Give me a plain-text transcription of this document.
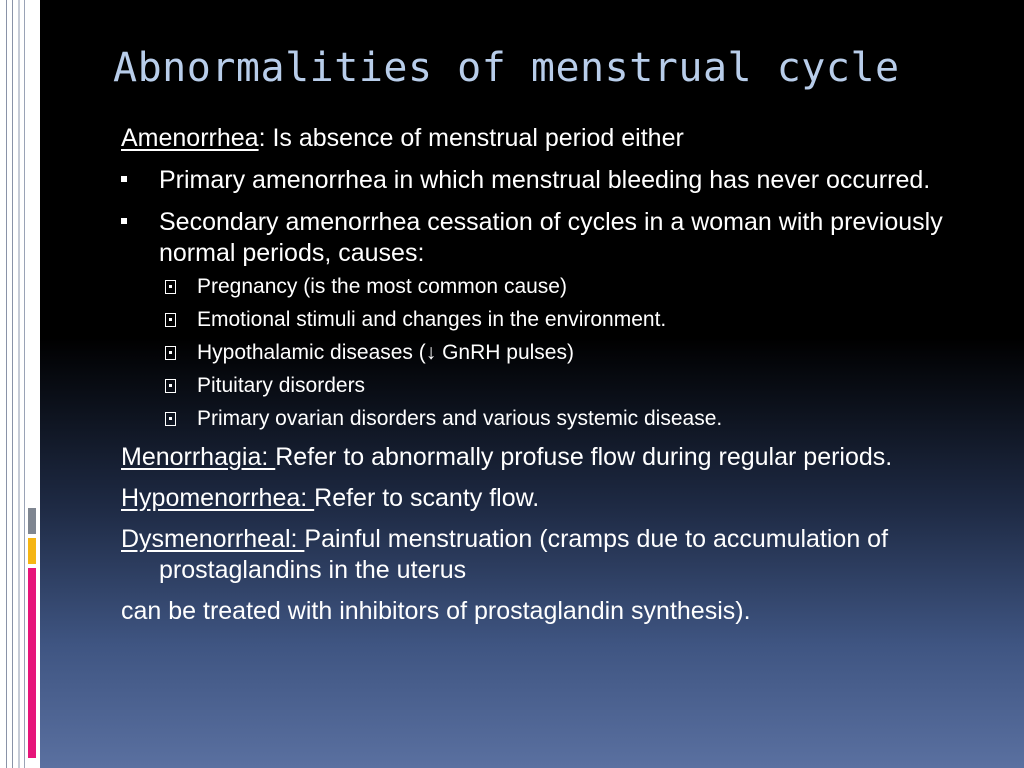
Abnormalities of menstrual cycle
Amenorrhea: Is absence of menstrual period either
Primary amenorrhea in which menstrual bleeding has never occurred.
Secondary amenorrhea cessation of cycles in a woman with previously normal periods, causes:
Pregnancy (is the most common cause)
Emotional stimuli and changes in the environment.
Hypothalamic diseases (↓ GnRH pulses)
Pituitary disorders
Primary ovarian disorders and various systemic disease.
Menorrhagia: Refer to abnormally profuse flow during regular periods.
Hypomenorrhea: Refer to scanty flow.
Dysmenorrheal: Painful menstruation (cramps due to accumulation of prostaglandins in the uterus
can be treated with inhibitors of prostaglandin synthesis).
